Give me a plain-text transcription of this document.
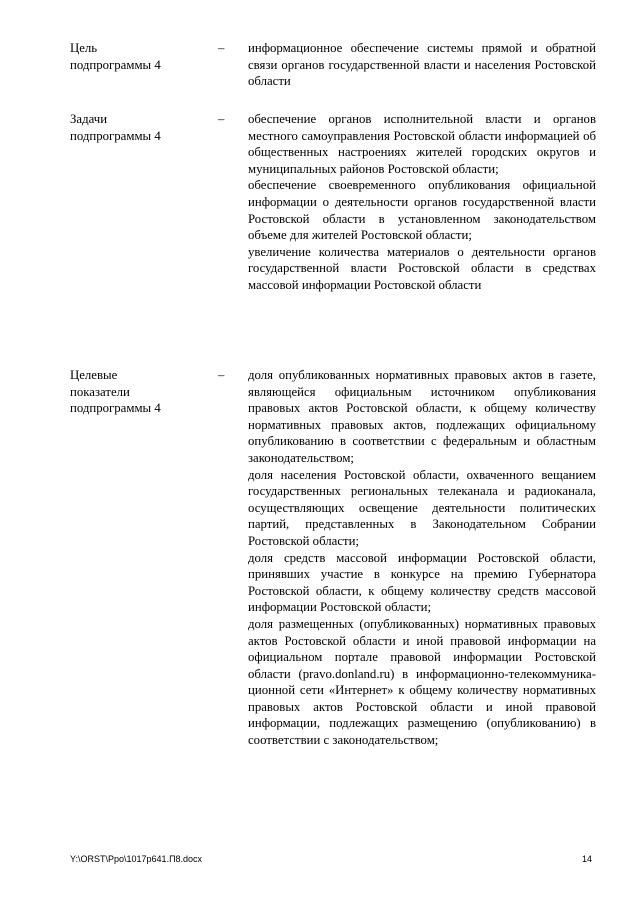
Цель
подпрограммы 4
– информационное обеспечение системы прямой и обратной связи органов государственной власти и населения Ростовской области

Задачи
подпрограммы 4
– обеспечение органов исполнительной власти и органов местного самоуправления Ростовской области информацией об общественных настроениях жителей городских округов и муниципальных районов Ростовской области;

обеспечение своевременного опубликования официальной информации о деятельности органов государственной власти Ростовской области в установленном законодательством объеме для жителей Ростовской области;

увеличение количества материалов о деятельности органов государственной власти Ростовской области в средствах массовой информации Ростовской области

Целевые
показатели
подпрограммы 4
– доля опубликованных нормативных правовых актов в газете, являющейся официальным источником опубликования правовых актов Ростовской области, к общему количеству нормативных правовых актов, подлежащих официальному опубликованию в соответствии с федеральным и областным законодательством;

доля населения Ростовской области, охваченного вещанием государственных региональных телеканала и радиоканала, осуществляющих освещение деятельности политических партий, представленных в Законодательном Собрании Ростовской области;

доля средств массовой информации Ростовской области, принявших участие в конкурсе на премию Губернатора Ростовской области, к общему количеству средств массовой информации Ростовской области;

доля размещенных (опубликованных) нормативных правовых актов Ростовской области и иной правовой информации на официальном портале правовой информации Ростовской области (pravo.donland.ru) в информационно-телекоммуника-ционной сети «Интернет» к общему количеству нормативных правовых актов Ростовской области и иной правовой информации, подлежащих размещению (опубликованию) в соответствии с законодательством;

Y:\ORST\Ppo\1017p641.П8.docx	14
